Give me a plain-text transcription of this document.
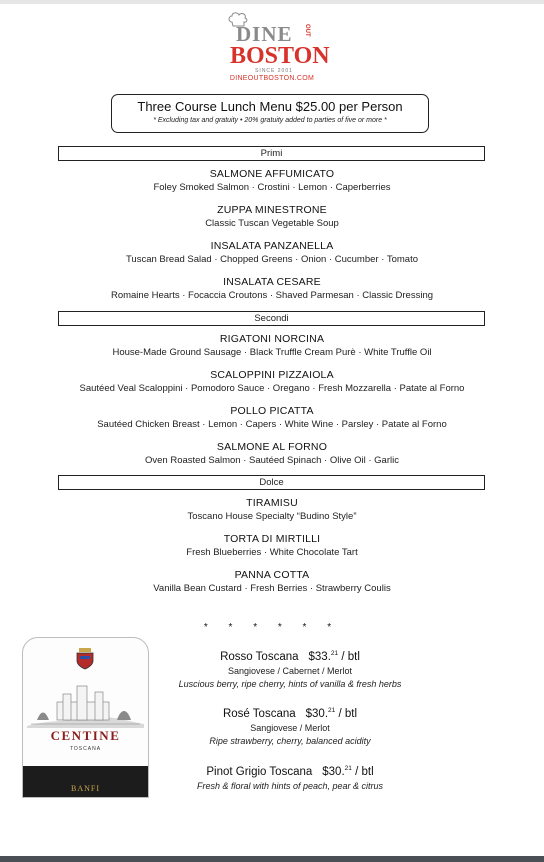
DINE OUT
BOSTON
SINCE 2001
DINEOUTBOSTON.COM
Three Course Lunch Menu $25.00 per Person
* Excluding tax and gratuity • 20% gratuity added to parties of five or more *
Primi
SALMONE AFFUMICATO
Foley Smoked Salmon · Crostini · Lemon · Caperberries
ZUPPA MINESTRONE
Classic Tuscan Vegetable Soup
INSALATA PANZANELLA
Tuscan Bread Salad · Chopped Greens · Onion · Cucumber · Tomato
INSALATA CESARE
Romaine Hearts · Focaccia Croutons · Shaved Parmesan · Classic Dressing
Secondi
RIGATONI NORCINA
House-Made Ground Sausage · Black Truffle Cream Purè · White Truffle Oil
SCALOPPINI PIZZAIOLA
Sautéed Veal Scaloppini · Pomodoro Sauce · Oregano · Fresh Mozzarella · Patate al Forno
POLLO PICATTA
Sautéed Chicken Breast · Lemon · Capers · White Wine · Parsley · Patate al Forno
SALMONE AL FORNO
Oven Roasted Salmon · Sautéed Spinach · Olive Oil · Garlic
Dolce
TIRAMISU
Toscano House Specialty “Budino Style”
TORTA DI MIRTILLI
Fresh Blueberries · White Chocolate Tart
PANNA COTTA
Vanilla Bean Custard · Fresh Berries · Strawberry Coulis
* * * * * *
CENTINE
TOSCANA
BANFI
Rosso Toscana $33.21 / btl
Sangiovese / Cabernet / Merlot
Luscious berry, ripe cherry, hints of vanilla & fresh herbs
Rosé Toscana $30.21 / btl
Sangiovese / Merlot
Ripe strawberry, cherry, balanced acidity
Pinot Grigio Toscana $30.21 / btl
Fresh & floral with hints of peach, pear & citrus
